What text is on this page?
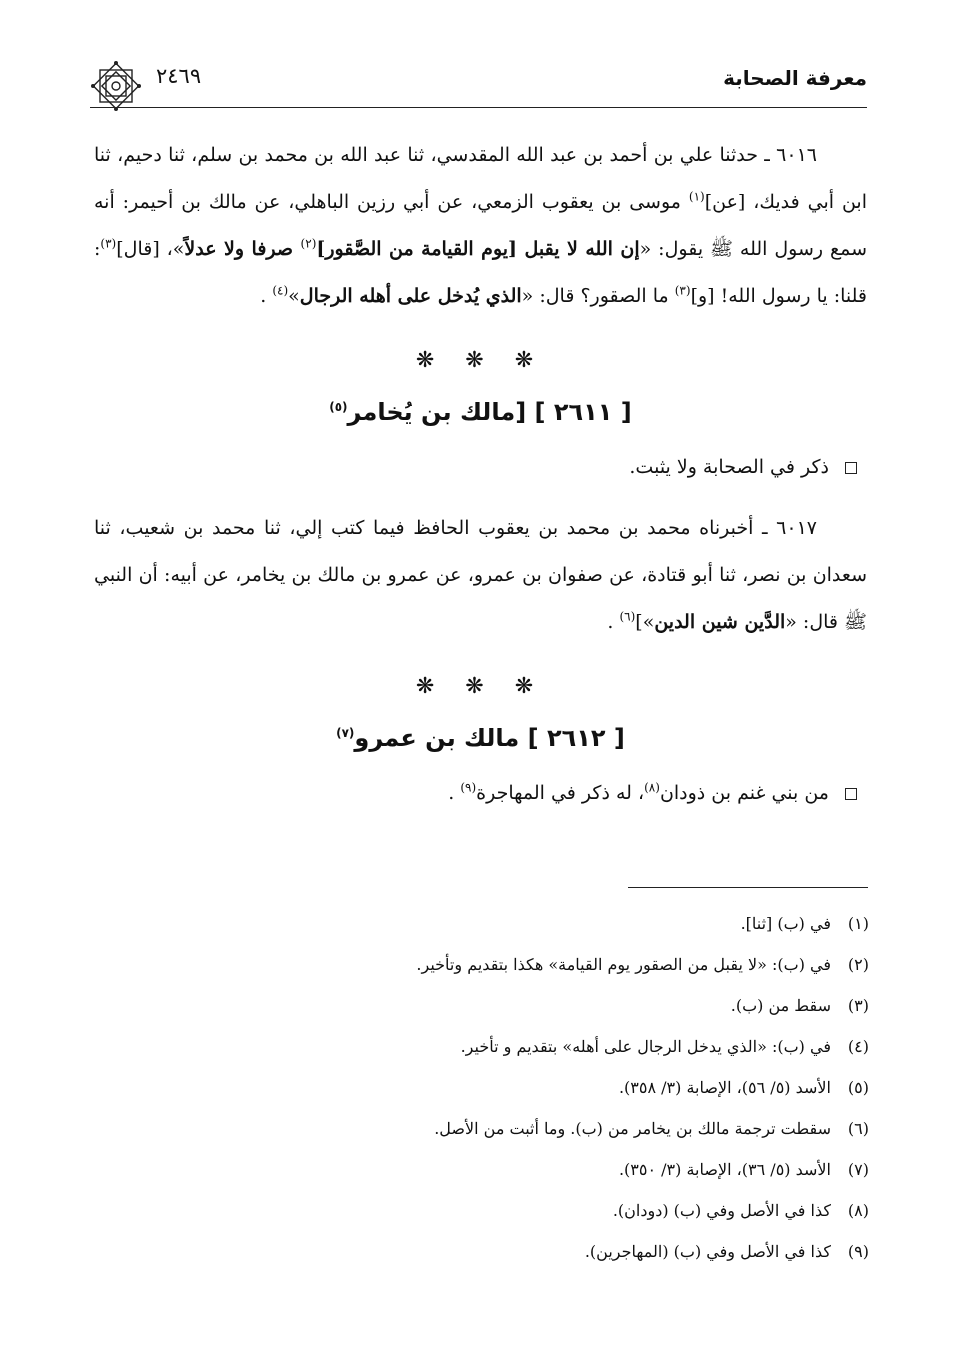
معرفة الصحابة
٢٤٦٩

٦٠١٦ ـ حدثنا علي بن أحمد بن عبد الله المقدسي، ثنا عبد الله بن محمد بن سلم، ثنا دحيم، ثنا ابن أبي فديك، [عن]$^{(١)}$ موسى بن يعقوب الزمعي، عن أبي رزين الباهلي، عن مالك بن أحيمر: أنه سمع رسول الله ﷺ يقول: «إن الله لا يقبل [يوم القيامة من الصَّقور]$^{(٢)}$ صرفا ولا عدلاً»، [قال]$^{(٣)}$: قلنا: يا رسول الله! [و]$^{(٣)}$ ما الصقور؟ قال: «الذي يُدخل على أهله الرجال»$^{(٤)}$ .

❋ ❋ ❋
[ ٢٦١١ ] [مالك بن يُخامر$^{(٥)}$
ذكر في الصحابة ولا يثبت.

٦٠١٧ ـ أخبرناه محمد بن محمد بن يعقوب الحافظ فيما كتب إلي، ثنا محمد بن شعيب، ثنا سعدان بن نصر، ثنا أبو قتادة، عن صفوان بن عمرو، عن عمرو بن مالك بن يخامر، عن أبيه: أن النبي ﷺ قال: «الدَّين شين الدين»]$^{(٦)}$ .

❋ ❋ ❋
[ ٢٦١٢ ] مالك بن عمرو$^{(٧)}$
من بني غنم بن ذودان$^{(٨)}$، له ذكر في المهاجرة$^{(٩)}$ .
(١)في (ب) [ثنا].
(٢)في (ب): «لا يقبل من الصقور يوم القيامة» هكذا بتقديم وتأخير.
(٣)سقط من (ب).
(٤)في (ب): «الذي يدخل الرجال على أهله» بتقديم و تأخير.
(٥)الأسد (٥/ ٥٦)، الإصابة (٣/ ٣٥٨).
(٦)سقطت ترجمة مالك بن يخامر من (ب). وما أثبت من الأصل.
(٧)الأسد (٥/ ٣٦)، الإصابة (٣/ ٣٥٠).
(٨)كذا في الأصل وفي (ب) (دودان).
(٩)كذا في الأصل وفي (ب) (المهاجرين).
